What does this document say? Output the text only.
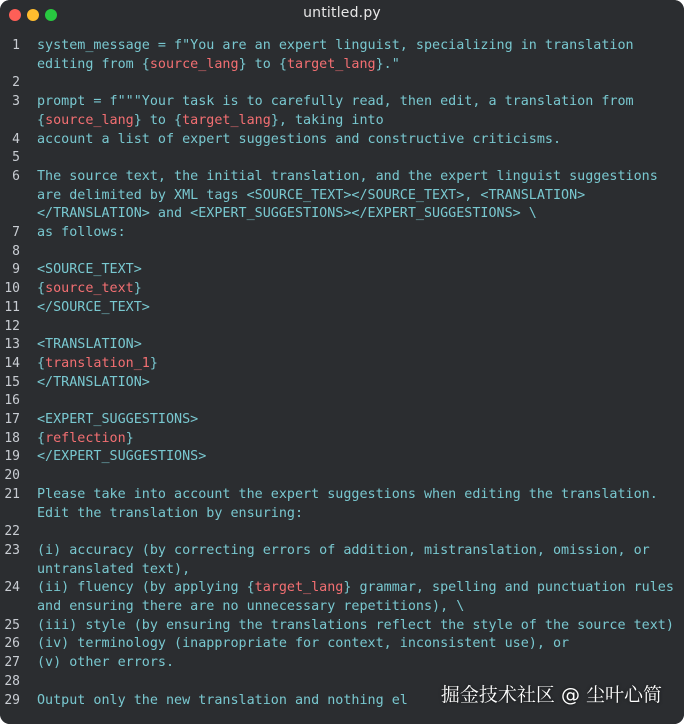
untitled.py
1 system_message = f"You are an expert linguist, specializing in translation
editing from {source_lang} to {target_lang}."
2
3 prompt = f"""Your task is to carefully read, then edit, a translation from
{source_lang} to {target_lang}, taking into
4 account a list of expert suggestions and constructive criticisms.
5
6 The source text, the initial translation, and the expert linguist suggestions
are delimited by XML tags <SOURCE_TEXT></SOURCE_TEXT>, <TRANSLATION>
</TRANSLATION> and <EXPERT_SUGGESTIONS></EXPERT_SUGGESTIONS> \
7 as follows:
8
9 <SOURCE_TEXT>
10 {source_text}
11 </SOURCE_TEXT>
12
13 <TRANSLATION>
14 {translation_1}
15 </TRANSLATION>
16
17 <EXPERT_SUGGESTIONS>
18 {reflection}
19 </EXPERT_SUGGESTIONS>
20
21 Please take into account the expert suggestions when editing the translation.
Edit the translation by ensuring:
22
23 (i) accuracy (by correcting errors of addition, mistranslation, omission, or
untranslated text),
24 (ii) fluency (by applying {target_lang} grammar, spelling and punctuation rules
and ensuring there are no unnecessary repetitions), \
25 (iii) style (by ensuring the translations reflect the style of the source text)
26 (iv) terminology (inappropriate for context, inconsistent use), or
27 (v) other errors.
28
29 Output only the new translation and nothing el 掘金技术社区 @ 尘叶心简
